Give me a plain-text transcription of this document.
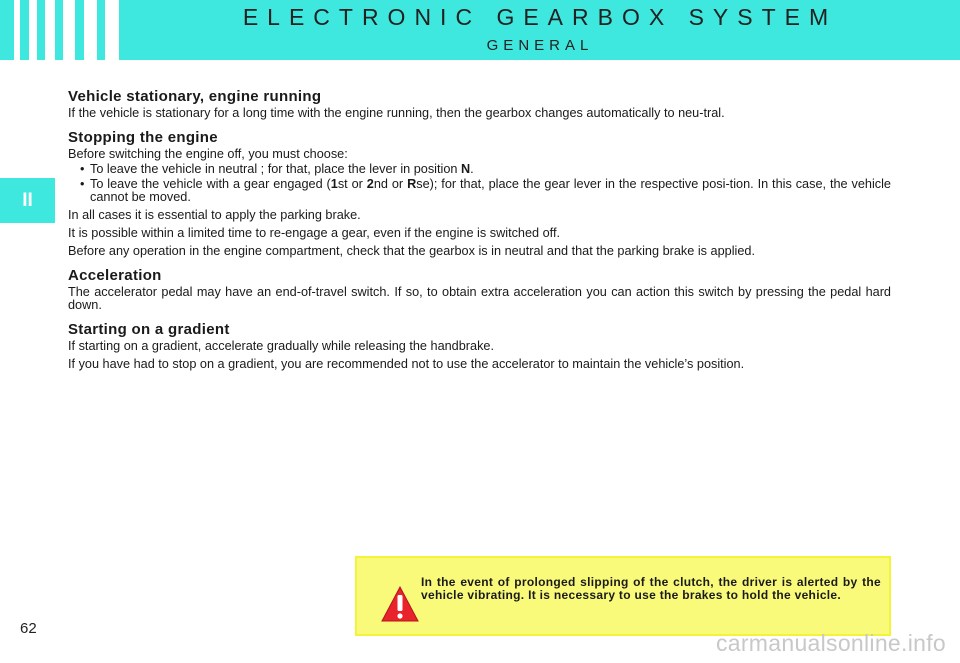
ELECTRONIC GEARBOX SYSTEM
GENERAL
II
Vehicle stationary, engine running

If the vehicle is stationary for a long time with the engine running, then the gearbox changes automatically to neu-tral.

Stopping the engine

Before switching the engine off, you must choose:

• To leave the vehicle in neutral ; for that, place the lever in position N.
• To leave the vehicle with a gear engaged (1st or 2nd or Rse); for that, place the gear lever in the respective posi-tion. In this case, the vehicle cannot be moved.

In all cases it is essential to apply the parking brake.

It is possible within a limited time to re-engage a gear, even if the engine is switched off.

Before any operation in the engine compartment, check that the gearbox is in neutral and that the parking brake is applied.

Acceleration

The accelerator pedal may have an end-of-travel switch. If so, to obtain extra acceleration you can action this switch by pressing the pedal hard down.

Starting on a gradient

If starting on a gradient, accelerate gradually while releasing the handbrake.

If you have had to stop on a gradient, you are recommended not to use the accelerator to maintain the vehicle’s position.

In the event of prolonged slipping of the clutch, the driver is alerted by the vehicle vibrating. It is necessary to use the brakes to hold the vehicle.
62
carmanualsonline.info
